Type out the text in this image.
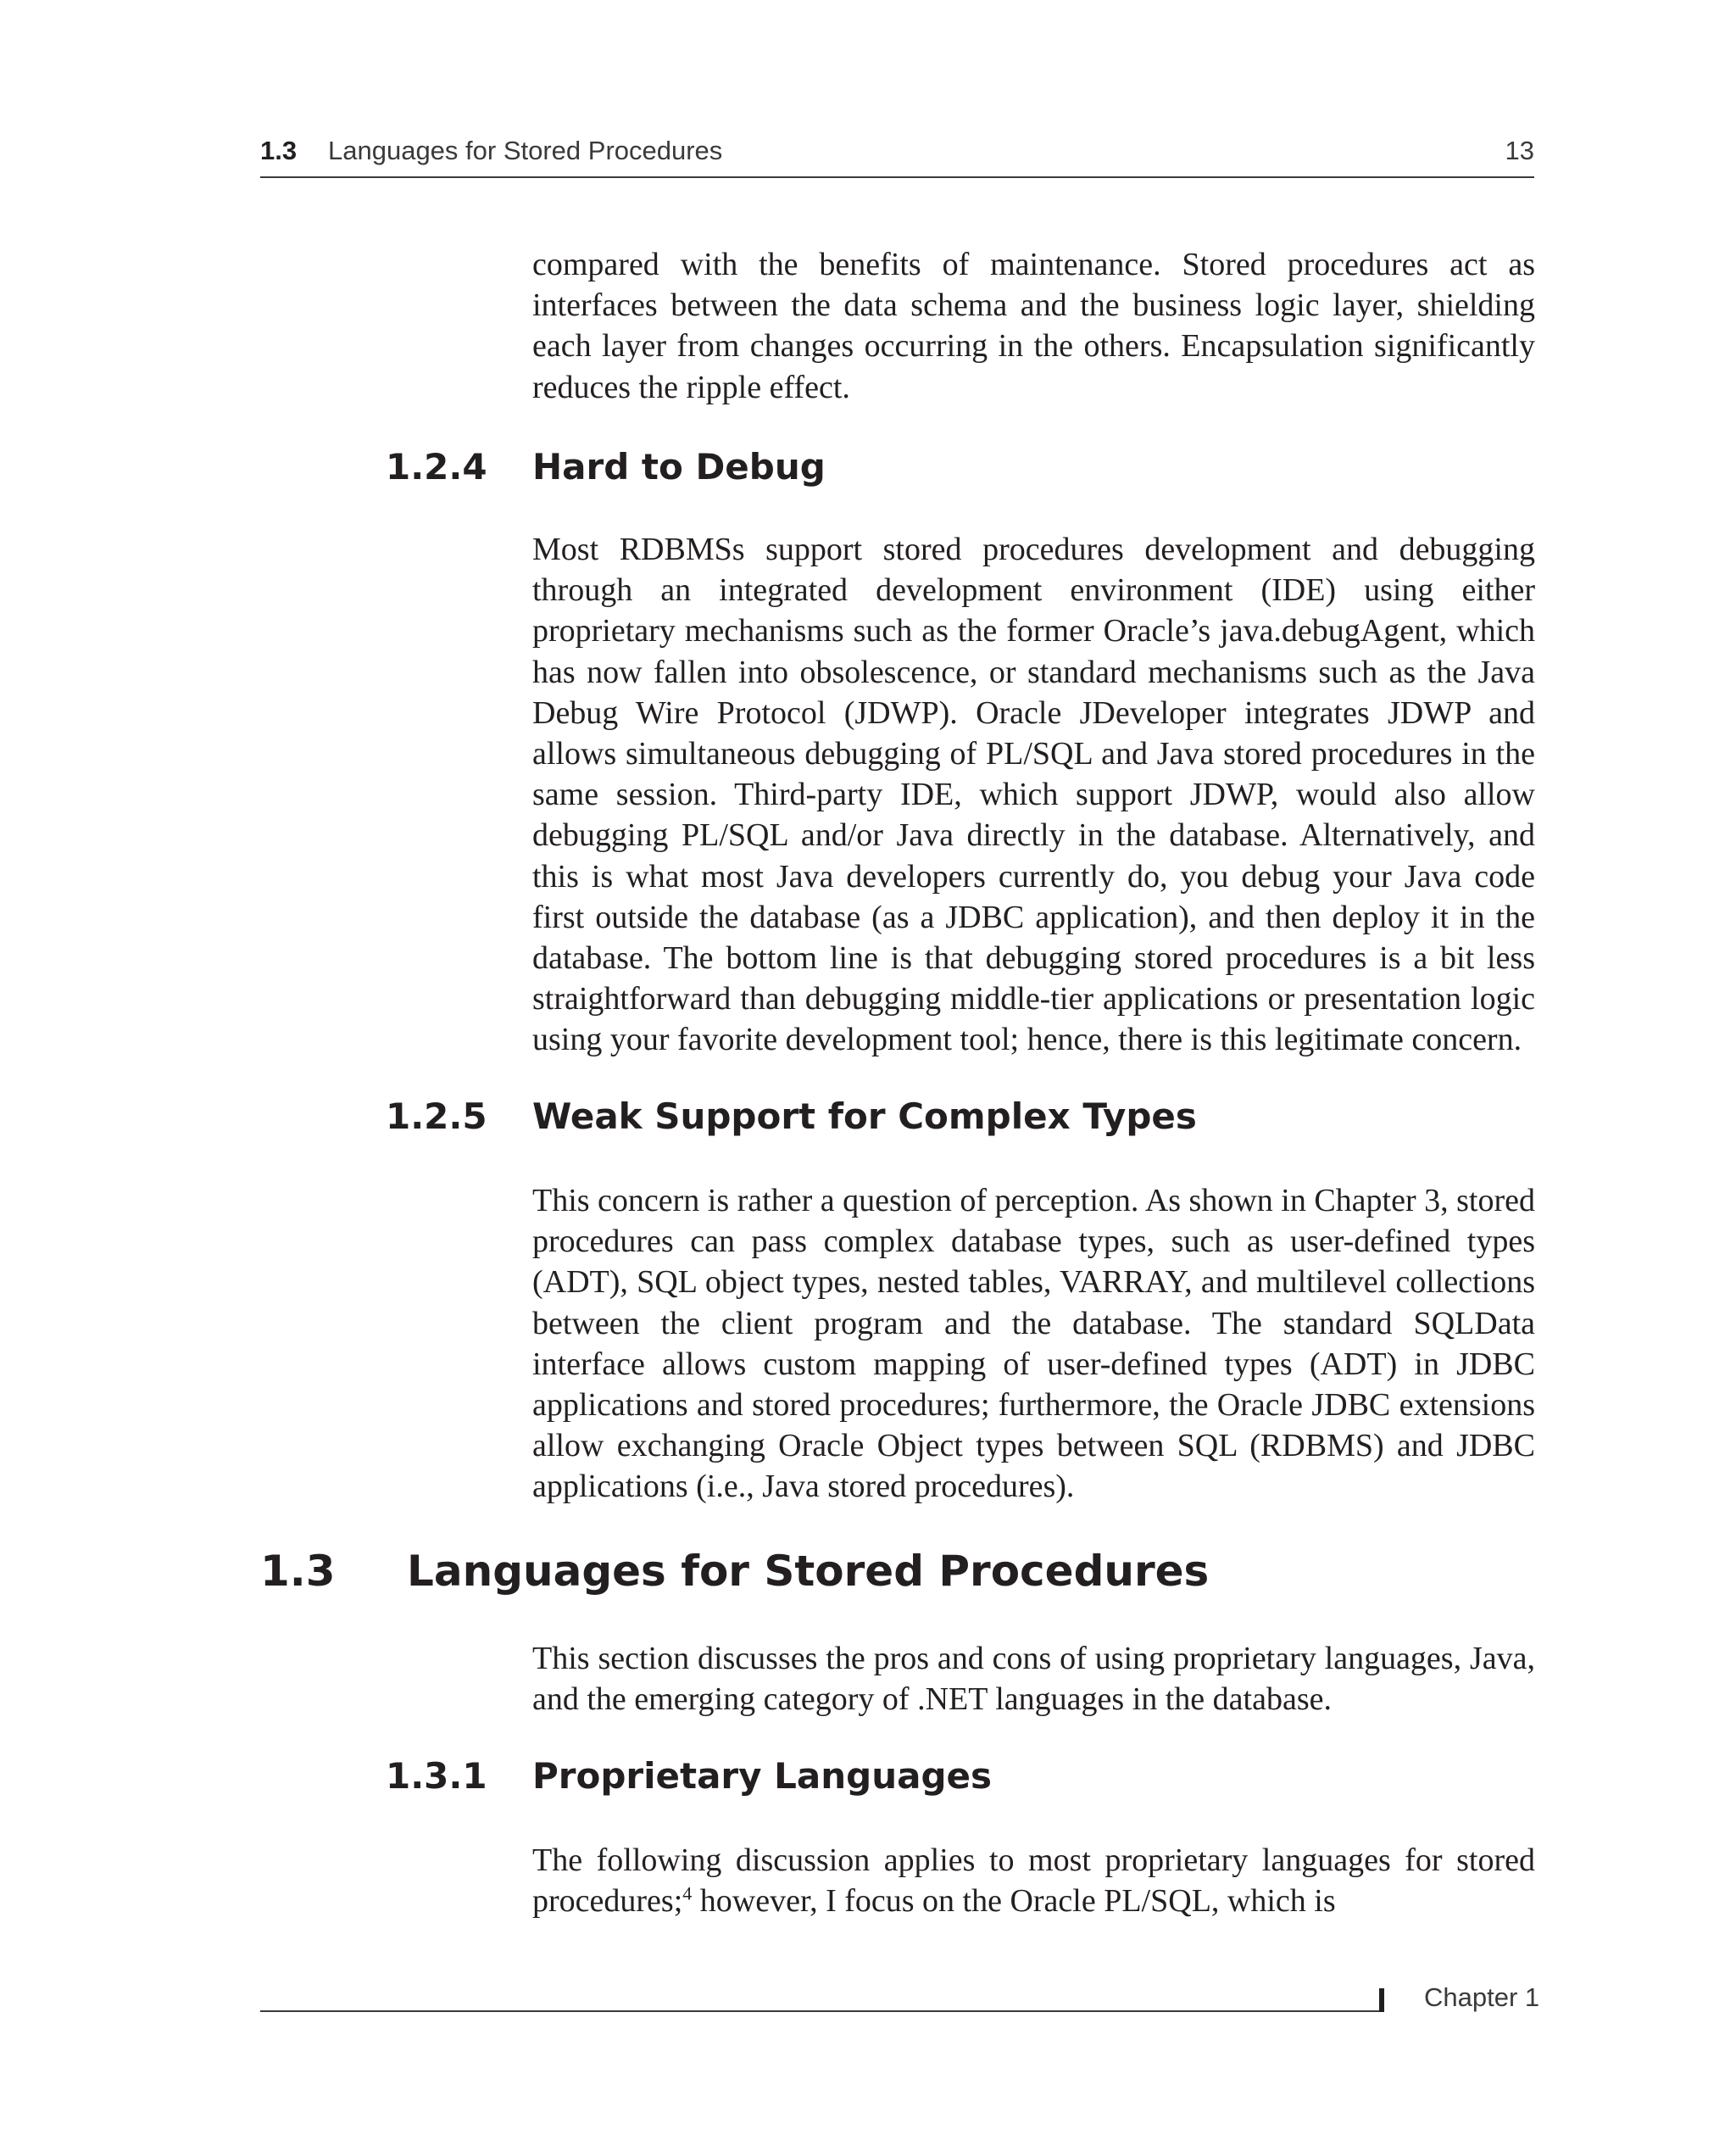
1.3 Languages for Stored Procedures	13

compared with the benefits of maintenance. Stored procedures act as interfaces between the data schema and the business logic layer, shielding each layer from changes occurring in the others. Encapsulation significantly reduces the ripple effect.

1.2.4 Hard to Debug

Most RDBMSs support stored procedures development and debugging through an integrated development environment (IDE) using either proprietary mechanisms such as the former Oracle’s java.debugAgent, which has now fallen into obsolescence, or standard mechanisms such as the Java Debug Wire Protocol (JDWP). Oracle JDeveloper integrates JDWP and allows simultaneous debugging of PL/SQL and Java stored procedures in the same session. Third-party IDE, which support JDWP, would also allow debugging PL/SQL and/or Java directly in the database. Alternatively, and this is what most Java developers currently do, you debug your Java code first outside the database (as a JDBC application), and then deploy it in the database. The bottom line is that debugging stored procedures is a bit less straightforward than debugging middle-tier applications or presentation logic using your favorite development tool; hence, there is this legitimate concern.

1.2.5 Weak Support for Complex Types

This concern is rather a question of perception. As shown in Chapter 3, stored procedures can pass complex database types, such as user-defined types (ADT), SQL object types, nested tables, VARRAY, and multilevel collections between the client program and the database. The standard SQLData interface allows custom mapping of user-defined types (ADT) in JDBC applications and stored procedures; furthermore, the Oracle JDBC extensions allow exchanging Oracle Object types between SQL (RDBMS) and JDBC applications (i.e., Java stored procedures).

1.3 Languages for Stored Procedures

This section discusses the pros and cons of using proprietary languages, Java, and the emerging category of .NET languages in the database.

1.3.1 Proprietary Languages

The following discussion applies to most proprietary languages for stored procedures;$^4$ however, I focus on the Oracle PL/SQL, which is

Chapter 1
